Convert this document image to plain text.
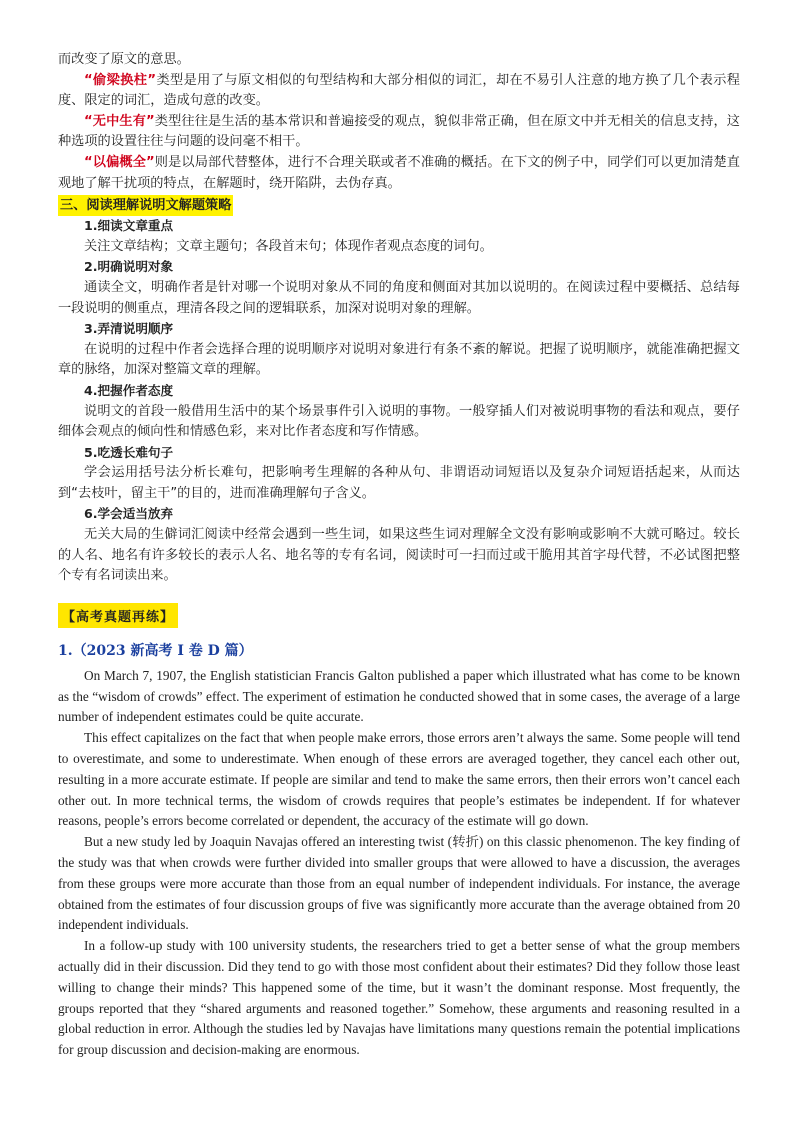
而改变了原文的意思。

“偷梁换柱”类型是用了与原文相似的句型结构和大部分相似的词汇，却在不易引人注意的地方换了几个表示程度、限定的词汇，造成句意的改变。

“无中生有”类型往往是生活的基本常识和普遍接受的观点，貌似非常正确，但在原文中并无相关的信息支持，这种选项的设置往往与问题的设问毫不相干。

“以偏概全”则是以局部代替整体，进行不合理关联或者不准确的概括。在下文的例子中，同学们可以更加清楚直观地了解干扰项的特点，在解题时，绕开陷阱，去伪存真。

三、阅读理解说明文解题策略

1.细读文章重点

关注文章结构；文章主题句；各段首末句；体现作者观点态度的词句。

2.明确说明对象

通读全文，明确作者是针对哪一个说明对象从不同的角度和侧面对其加以说明的。在阅读过程中要概括、总结每一段说明的侧重点，理清各段之间的逻辑联系，加深对说明对象的理解。

3.弄清说明顺序

在说明的过程中作者会选择合理的说明顺序对说明对象进行有条不紊的解说。把握了说明顺序，就能准确把握文章的脉络，加深对整篇文章的理解。

4.把握作者态度

说明文的首段一般借用生活中的某个场景事件引入说明的事物。一般穿插人们对被说明事物的看法和观点，要仔细体会观点的倾向性和情感色彩，来对比作者态度和写作情感。

5.吃透长难句子

学会运用括号法分析长难句，把影响考生理解的各种从句、非谓语动词短语以及复杂介词短语括起来，从而达到“去枝叶，留主干”的目的，进而准确理解句子含义。

6.学会适当放弃

无关大局的生僻词汇阅读中经常会遇到一些生词，如果这些生词对理解全文没有影响或影响不大就可略过。较长的人名、地名有许多较长的表示人名、地名等的专有名词，阅读时可一扫而过或干脆用其首字母代替，不必试图把整个专有名词读出来。

【高考真题再练】
1.（2023 新高考 I 卷 D 篇）

On March 7, 1907, the English statistician Francis Galton published a paper which illustrated what has come to be known as the “wisdom of crowds” effect. The experiment of estimation he conducted showed that in some cases, the average of a large number of independent estimates could be quite accurate.

This effect capitalizes on the fact that when people make errors, those errors aren’t always the same. Some people will tend to overestimate, and some to underestimate. When enough of these errors are averaged together, they cancel each other out, resulting in a more accurate estimate. If people are similar and tend to make the same errors, then their errors won’t cancel each other out. In more technical terms, the wisdom of crowds requires that people’s estimates be independent. If for whatever reasons, people’s errors become correlated or dependent, the accuracy of the estimate will go down.

But a new study led by Joaquin Navajas offered an interesting twist (转折) on this classic phenomenon. The key finding of the study was that when crowds were further divided into smaller groups that were allowed to have a discussion, the averages from these groups were more accurate than those from an equal number of independent individuals. For instance, the average obtained from the estimates of four discussion groups of five was significantly more accurate than the average obtained from 20 independent individuals.

In a follow-up study with 100 university students, the researchers tried to get a better sense of what the group members actually did in their discussion. Did they tend to go with those most confident about their estimates? Did they follow those least willing to change their minds? This happened some of the time, but it wasn’t the dominant response. Most frequently, the groups reported that they “shared arguments and reasoned together.” Somehow, these arguments and reasoning resulted in a global reduction in error. Although the studies led by Navajas have limitations many questions remain the potential implications for group discussion and decision-making are enormous.
